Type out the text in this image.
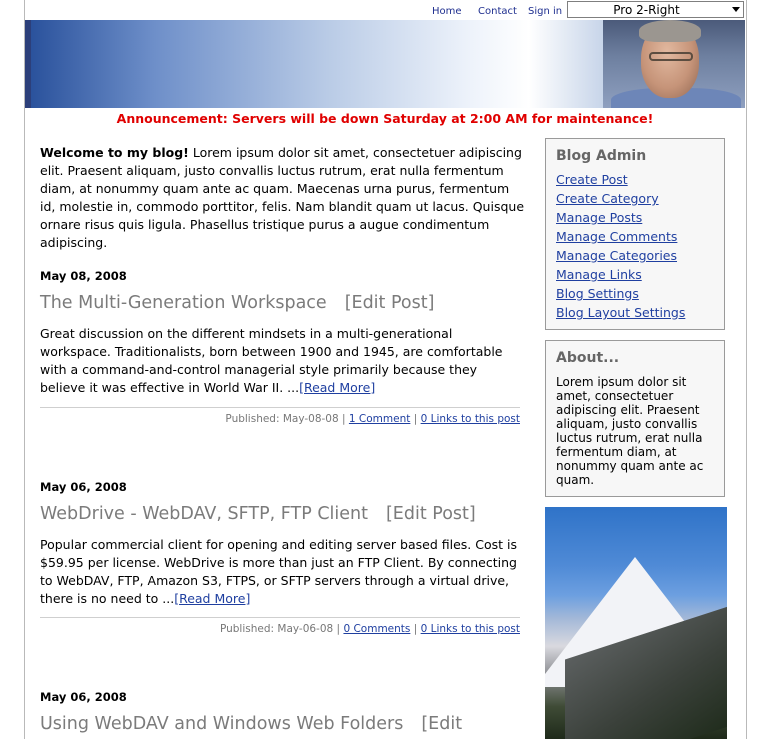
Home Contact Sign in	Pro 2-Right
Announcement: Servers will be down Saturday at 2:00 AM for maintenance!
Welcome to my blog! Lorem ipsum dolor sit amet, consectetuer adipiscing elit. Praesent aliquam, justo convallis luctus rutrum, erat nulla fermentum diam, at nonummy quam ante ac quam. Maecenas urna purus, fermentum id, molestie in, commodo porttitor, felis. Nam blandit quam ut lacus. Quisque ornare risus quis ligula. Phasellus tristique purus a augue condimentum adipiscing.
May 08, 2008
The Multi-Generation Workspace [Edit Post]
Great discussion on the different mindsets in a multi-generational workspace. Traditionalists, born between 1900 and 1945, are comfortable with a command-and-control managerial style primarily because they believe it was effective in World War II. ...[Read More]
Published: May-08-08 | 1 Comment | 0 Links to this post
May 06, 2008
WebDrive - WebDAV, SFTP, FTP Client [Edit Post]
Popular commercial client for opening and editing server based files. Cost is $59.95 per license. WebDrive is more than just an FTP Client. By connecting to WebDAV, FTP, Amazon S3, FTPS, or SFTP servers through a virtual drive, there is no need to ...[Read More]
Published: May-06-08 | 0 Comments | 0 Links to this post
May 06, 2008
Using WebDAV and Windows Web Folders [Edit
Blog Admin
Create Post
Create Category
Manage Posts
Manage Comments
Manage Categories
Manage Links
Blog Settings
Blog Layout Settings
About...
Lorem ipsum dolor sit amet, consectetuer adipiscing elit. Praesent aliquam, justo convallis luctus rutrum, erat nulla fermentum diam, at nonummy quam ante ac quam.
